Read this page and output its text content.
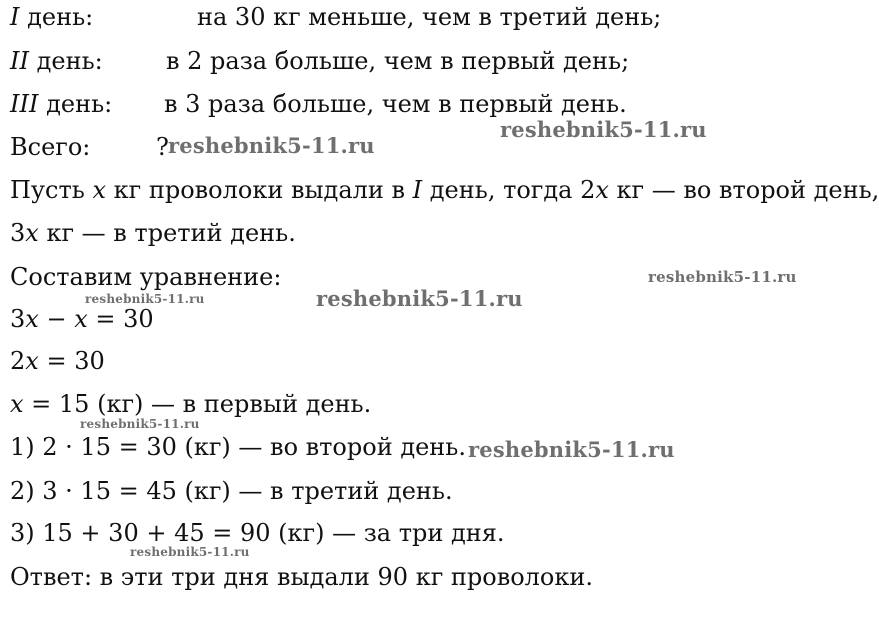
I день:	на 30 кг меньше, чем в третий день;
II день:	в 2 раза больше, чем в первый день;
III день: в 3 раза больше, чем в первый день.
Всего:	?
Пусть x кг проволоки выдали в I день, тогда 2x кг — во второй день,
3x кг — в третий день.
Составим уравнение:
3x − x = 30
2x = 30
x = 15 (кг) — в первый день.
1) 2 · 15 = 30 (кг) — во второй день.
2) 3 · 15 = 45 (кг) — в третий день.
3) 15 + 30 + 45 = 90 (кг) — за три дня.
Ответ: в эти три дня выдали 90 кг проволоки.
reshebnik5-11.ru
reshebnik5-11.ru
reshebnik5-11.ru
reshebnik5-11.ru
reshebnik5-11.ru
reshebnik5-11.ru
reshebnik5-11.ru
reshebnik5-11.ru
